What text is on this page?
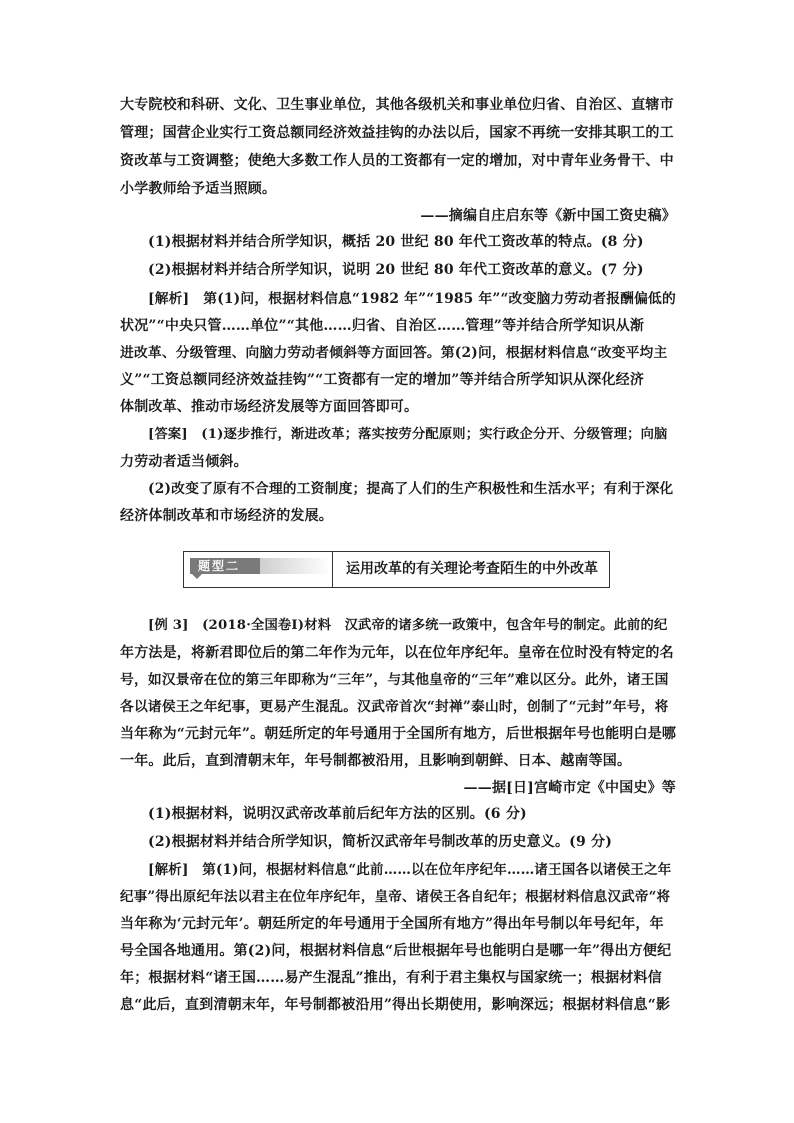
大专院校和科研、文化、卫生事业单位，其他各级机关和事业单位归省、自治区、直辖市
管理；国营企业实行工资总额同经济效益挂钩的办法以后，国家不再统一安排其职工的工
资改革与工资调整；使绝大多数工作人员的工资都有一定的增加，对中青年业务骨干、中
小学教师给予适当照顾。
——摘编自庄启东等《新中国工资史稿》
(1)根据材料并结合所学知识，概括 20 世纪 80 年代工资改革的特点。(8 分)
(2)根据材料并结合所学知识，说明 20 世纪 80 年代工资改革的意义。(7 分)
[解析]　第(1)问，根据材料信息“1982 年”“1985 年”“改变脑力劳动者报酬偏低的
状况”“中央只管……单位”“其他……归省、自治区……管理”等并结合所学知识从渐
进改革、分级管理、向脑力劳动者倾斜等方面回答。第(2)问，根据材料信息“改变平均主
义”“工资总额同经济效益挂钩”“工资都有一定的增加”等并结合所学知识从深化经济
体制改革、推动市场经济发展等方面回答即可。
[答案]　(1)逐步推行，渐进改革；落实按劳分配原则；实行政企分开、分级管理；向脑
力劳动者适当倾斜。
(2)改变了原有不合理的工资制度；提高了人们的生产积极性和生活水平；有利于深化
经济体制改革和市场经济的发展。
题型二	运用改革的有关理论考查陌生的中外改革
[例 3]　(2018·全国卷Ⅰ)材料　汉武帝的诸多统一政策中，包含年号的制定。此前的纪
年方法是，将新君即位后的第二年作为元年，以在位年序纪年。皇帝在位时没有特定的名
号，如汉景帝在位的第三年即称为“三年”，与其他皇帝的“三年”难以区分。此外，诸王国
各以诸侯王之年纪事，更易产生混乱。汉武帝首次“封禅”泰山时，创制了“元封”年号，将
当年称为“元封元年”。朝廷所定的年号通用于全国所有地方，后世根据年号也能明白是哪
一年。此后，直到清朝末年，年号制都被沿用，且影响到朝鲜、日本、越南等国。
——据[日]宫崎市定《中国史》等
(1)根据材料，说明汉武帝改革前后纪年方法的区别。(6 分)
(2)根据材料并结合所学知识，简析汉武帝年号制改革的历史意义。(9 分)
[解析]　第(1)问，根据材料信息“此前……以在位年序纪年……诸王国各以诸侯王之年
纪事”得出原纪年法以君主在位年序纪年，皇帝、诸侯王各自纪年；根据材料信息汉武帝“将
当年称为‘元封元年’。朝廷所定的年号通用于全国所有地方”得出年号制以年号纪年，年
号全国各地通用。第(2)问，根据材料信息“后世根据年号也能明白是哪一年”得出方便纪
年；根据材料“诸王国……易产生混乱”推出，有利于君主集权与国家统一；根据材料信
息“此后，直到清朝末年，年号制都被沿用”得出长期使用，影响深远；根据材料信息“影
